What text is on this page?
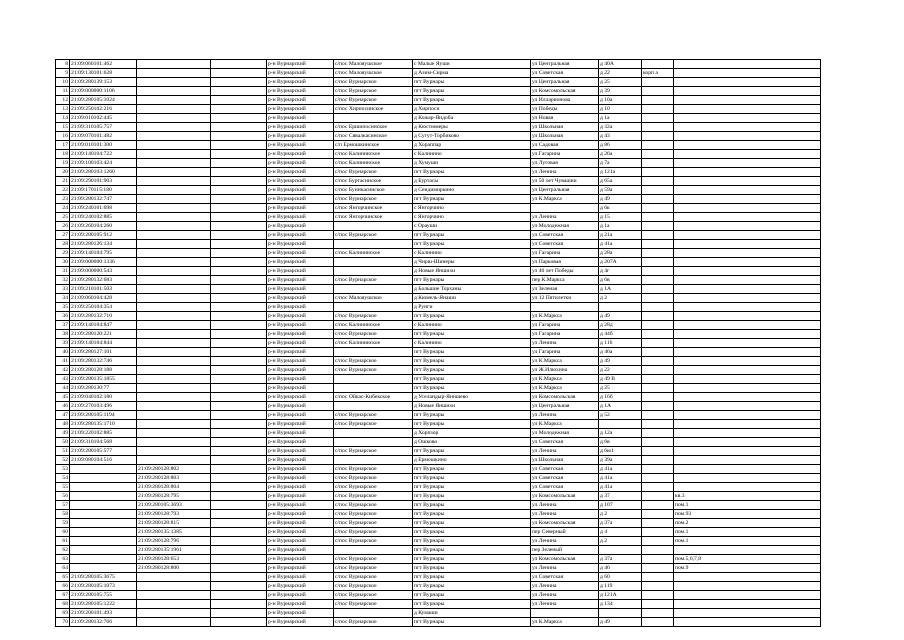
8	21:09:060101:462			р-н Вурнарский	с/пос Малояушское	с Малые Яуши	ул Центральная	д 40А		
9	21:09:130101:628			р-н Вурнарский	с/пос Малояушское	д Азим-Сирма	ул Советская	д 22	корп а	
10	21:09:280139:153			р-н Вурнарский	с/пос Вурнарское	пгт Вурнары	ул Центральная	д 25		
11	21:09:000000:1106			р-н Вурнарский	с/пос Вурнарское	пгт Вурнары	ул Комсомольская	д 39		
12	21:09:280105:1024			р-н Вурнарский	с/пос Вурнарское	пгт Вурнары	ул Илларионова	д 10а		
13	21:09:250102:216			р-н Вурнарский	с/пос Хирпосинское	д Хирпоси	ул Победы	д 10		
14	21:09:010102:445			р-н Вурнарский		д Кожар-Яндоба	ул Новая	д 1а		
15	21:09:310105:757			р-н Вурнарский	с/пос Ершипосинское	д Кюстюмеры	ул Школьная	д 32а		
16	21:09:070101:482			р-н Вурнарский	с/пос Сявалкасинское	д Сугут-Торбиково	ул Школьная	д 43		
17	21:09:010101:300			р-н Вурнарский	с/п Ермошкинское	д Хораппар	ул Садовая	д 86		
18	21:09:140104:722			р-н Вурнарский	с/пос Калининское	с Калинино	ул Гагарина	д 26а		
19	21:09:100103:424			р-н Вурнарский	с/пос Калининское	д Хумуши	ул Луговая	д 7а		
20	21:09:280103:1260			р-н Вурнарский	с/пос Вурнарское	пгт Вурнары	ул Ленина	д 121а		
21	21:09:290101:903			р-н Вурнарский	с/пос Буртасинское	д Буртасы	ул 50 лет Чувашии	д 65а		
22	21:09:170115:180			р-н Вурнарский	с/пос Буинкасинское	д Сендимиркино	ул Центральная	д 59а		
23	21:09:280132:747			р-н Вурнарский	с/пос Вурнарское	пгт Вурнары	ул К.Маркса	д 49		
24	21:09:240101:698			р-н Вурнарский	с/пос Янгорчинское	с Янгорчино		д 6к		
25	21:09:240102:885			р-н Вурнарский	с/пос Янгорчинское	с Янгорчино	ул Ленина	д 15		
26	21:09:260104:260			р-н Вурнарский		с Ораушн	ул Молодежная	д 1а		
27	21:09:280105:912			р-н Вурнарский	с/пос Вурнарское	пгт Вурнары	ул Советская	д 21а		
28	21:09:280126:134			р-н Вурнарский		пгт Вурнары	ул Советская	д 41а		
29	21:09:140104:795			р-н Вурнарский	с/пос Калининское	с Калинино	ул Гагарина	д 28а		
30	21:09:000000:1336			р-н Вурнарский		д Чирш-Шинеры	ул Парковая	д 207А		
31	21:09:000000:543			р-н Вурнарский		д Новые Яншихи	ул 40 лет Победы	д 4г		
32	21:09:280132:683			р-н Вурнарский	с/пос Вурнарское	пгт Вурнары	пер К.Маркса	д 6в		
33	21:09:210101:503			р-н Вурнарский		д Большие Торханы	ул Зеленая	д 1А		
34	21:09:060104:428			р-н Вурнарский	с/пос Малояушское	д Кюмель-Янаши	ул 12 Пятилетки	д 2		
35	21:09:250104:354			р-н Вурнарский		д Рунги				
36	21:09:280132:710			р-н Вурнарский	с/пос Вурнарское	пгт Вурнары	ул К.Маркса	д 49		
37	21:09:140104:847			р-н Вурнарский	с/пос Калининское	с Калинино	ул Гагарина	д 28д		
38	21:09:280120:221			р-н Вурнарский	с/пос Вурнарское	пгт Вурнары	ул Гагарина	д 44б		
39	21:09:140104:844			р-н Вурнарский	с/пос Калининское	с Калинино	ул Ленина	д 116		
40	21:09:280127:101			р-н Вурнарский		пгт Вурнары	ул Гагарина	д 46а		
41	21:09:280132:746			р-н Вурнарский	с/пос Вурнарское	пгт Вурнары	ул К.Маркса	д 49		
42	21:09:280128:188			р-н Вурнарский	с/пос Вурнарское	пгт Вурнары	ул Ж.Илюхина	д 22		
43	21:09:280135:1855			р-н Вурнарский		пгт Вурнары	ул К.Маркса	д 49 В		
44	21:09:280130:77			р-н Вурнарский		пгт Вурнары	ул К.Маркса	д 25		
45	21:09:040102:180			р-н Вурнарский	с/пос Ойкас-Кибекское	д Уселандыр-Янишево	ул Комсомольская	д 16б		
46	21:09:270103:496			р-н Вурнарский		д Новые Яншихи	ул Центральная	д 1А		
47	21:09:280105:1194			р-н Вурнарский	с/пос Вурнарское	пгт Вурнары	ул Ленина	д 52		
48	21:09:280135:1710			р-н Вурнарский	с/пос Вурнарское	пгт Вурнары	ул К.Маркса			
49	21:09:220102:885			р-н Вурнарский		д Хорпзор	ул Молодежная	д 12а		
50	21:09:310104:568			р-н Вурнарский		д Ошково	ул Советская	д 6в		
51	21:09:280105:577			р-н Вурнарский	с/пос Вурнарское	пгт Вурнары	ул Ленина	д 6ю1		
52	21:09:080104:516			р-н Вурнарский		д Ермошкино	ул Школьная	д 39а		
53		21:09:280128:802		р-н Вурнарский	с/пос Вурнарское	пгт Вурнары	ул Советская	д 41а		
54		21:09:280128:803		р-н Вурнарский	с/пос Вурнарское	пгт Вурнары	ул Советская	д 41а		
55		21:09:280128:804		р-н Вурнарский	с/пос Вурнарское	пгт Вурнары	ул Советская	д 41а		
56		21:09:280128:795		р-н Вурнарский	с/пос Вурнарское	пгт Вурнары	ул Комсомольская	д 37		кв.3
57		21:09:280105:3693		р-н Вурнарский	с/пос Вурнарское	пгт Вурнары	ул Ленина	д 107		пом.1
58		21:09:280128:793		р-н Вурнарский	с/пос Вурнарское	пгт Вурнары	ул Ленина	д 2		пом.93
59		21:09:280128:815		р-н Вурнарский	с/пос Вурнарское	пгт Вурнары	ул Комсомольская	д 37а		пом.2
60		21:09:280135:1385		р-н Вурнарский	с/пос Вурнарское	пгт Вурнары	пер Северный	д 4		пом.1
61		21:09:280128:796		р-н Вурнарский	с/пос Вурнарское	пгт Вурнары	ул Ленина	д 2		пом.1
62		21:09:280135:1961		р-н Вурнарский		пгт Вурнары	пер Зеленый			
63		21:09:280128:653		р-н Вурнарский	с/пос Вурнарское	пгт Вурнары	ул Комсомольская	д 37а		пом.5,6,7,8
64		21:09:280128:800		р-н Вурнарский	с/пос Вурнарское	пгт Вурнары	ул Ленина	д 46		пом.9
65	21:09:280105:3675			р-н Вурнарский	с/пос Вурнарское	пгт Вурнары	ул Советская	д 60		
66	21:09:280105:1073			р-н Вурнарский	с/пос Вурнарское	пгт Вурнары	ул Ленина	д 119		
67	21:09:280105:755			р-н Вурнарский	с/пос Вурнарское	пгт Вурнары	ул Ленина	д 121А		
68	21:09:280105:1222			р-н Вурнарский	с/пос Вурнарское	пгт Вурнары	ул Ленина	д 134		
69	21:09:200101:493			р-н Вурнарский		д Кумаши				
70	21:09:280132:766			р-н Вурнарский	с/пос Вурнарское	пгт Вурнары	ул К.Маркса	д 49		
